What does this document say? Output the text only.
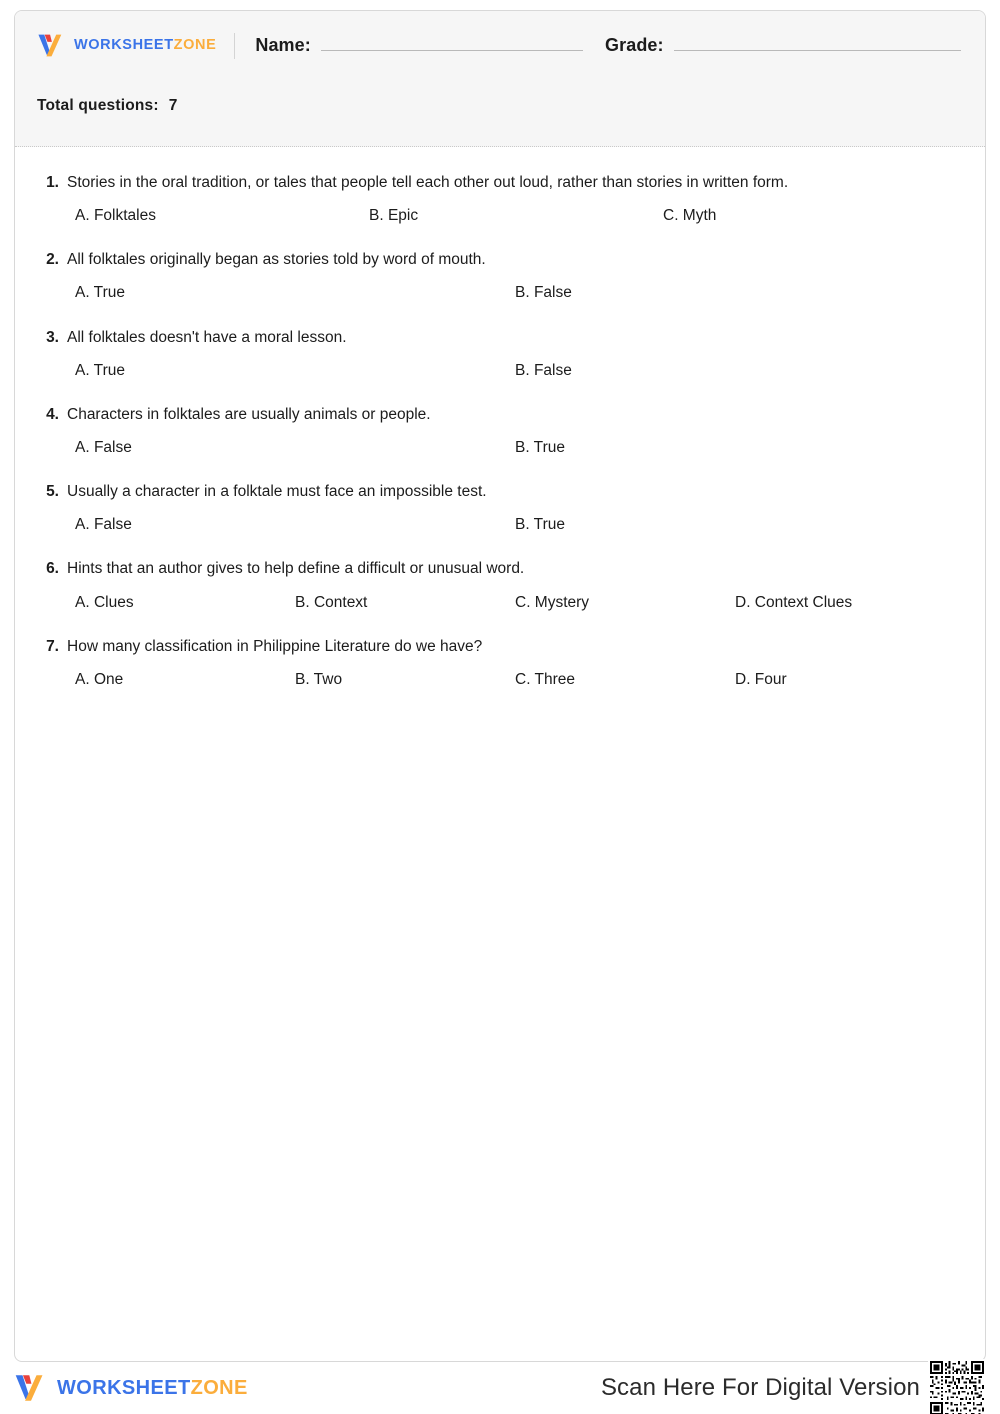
WORKSHEETZONE Name:	Grade:
Total questions: 7
1. Stories in the oral tradition, or tales that people tell each other out loud, rather than stories in written form.
A. Folktales	B. Epic	C. Myth
2. All folktales originally began as stories told by word of mouth.
A. True	B. False
3. All folktales doesn't have a moral lesson.
A. True	B. False
4. Characters in folktales are usually animals or people.
A. False	B. True
5. Usually a character in a folktale must face an impossible test.
A. False	B. True
6. Hints that an author gives to help define a difficult or unusual word.
A. Clues	B. Context	C. Mystery	D. Context Clues
7. How many classification in Philippine Literature do we have?
A. One	B. Two	C. Three	D. Four
WORKSHEETZONE	Scan Here For Digital Version
